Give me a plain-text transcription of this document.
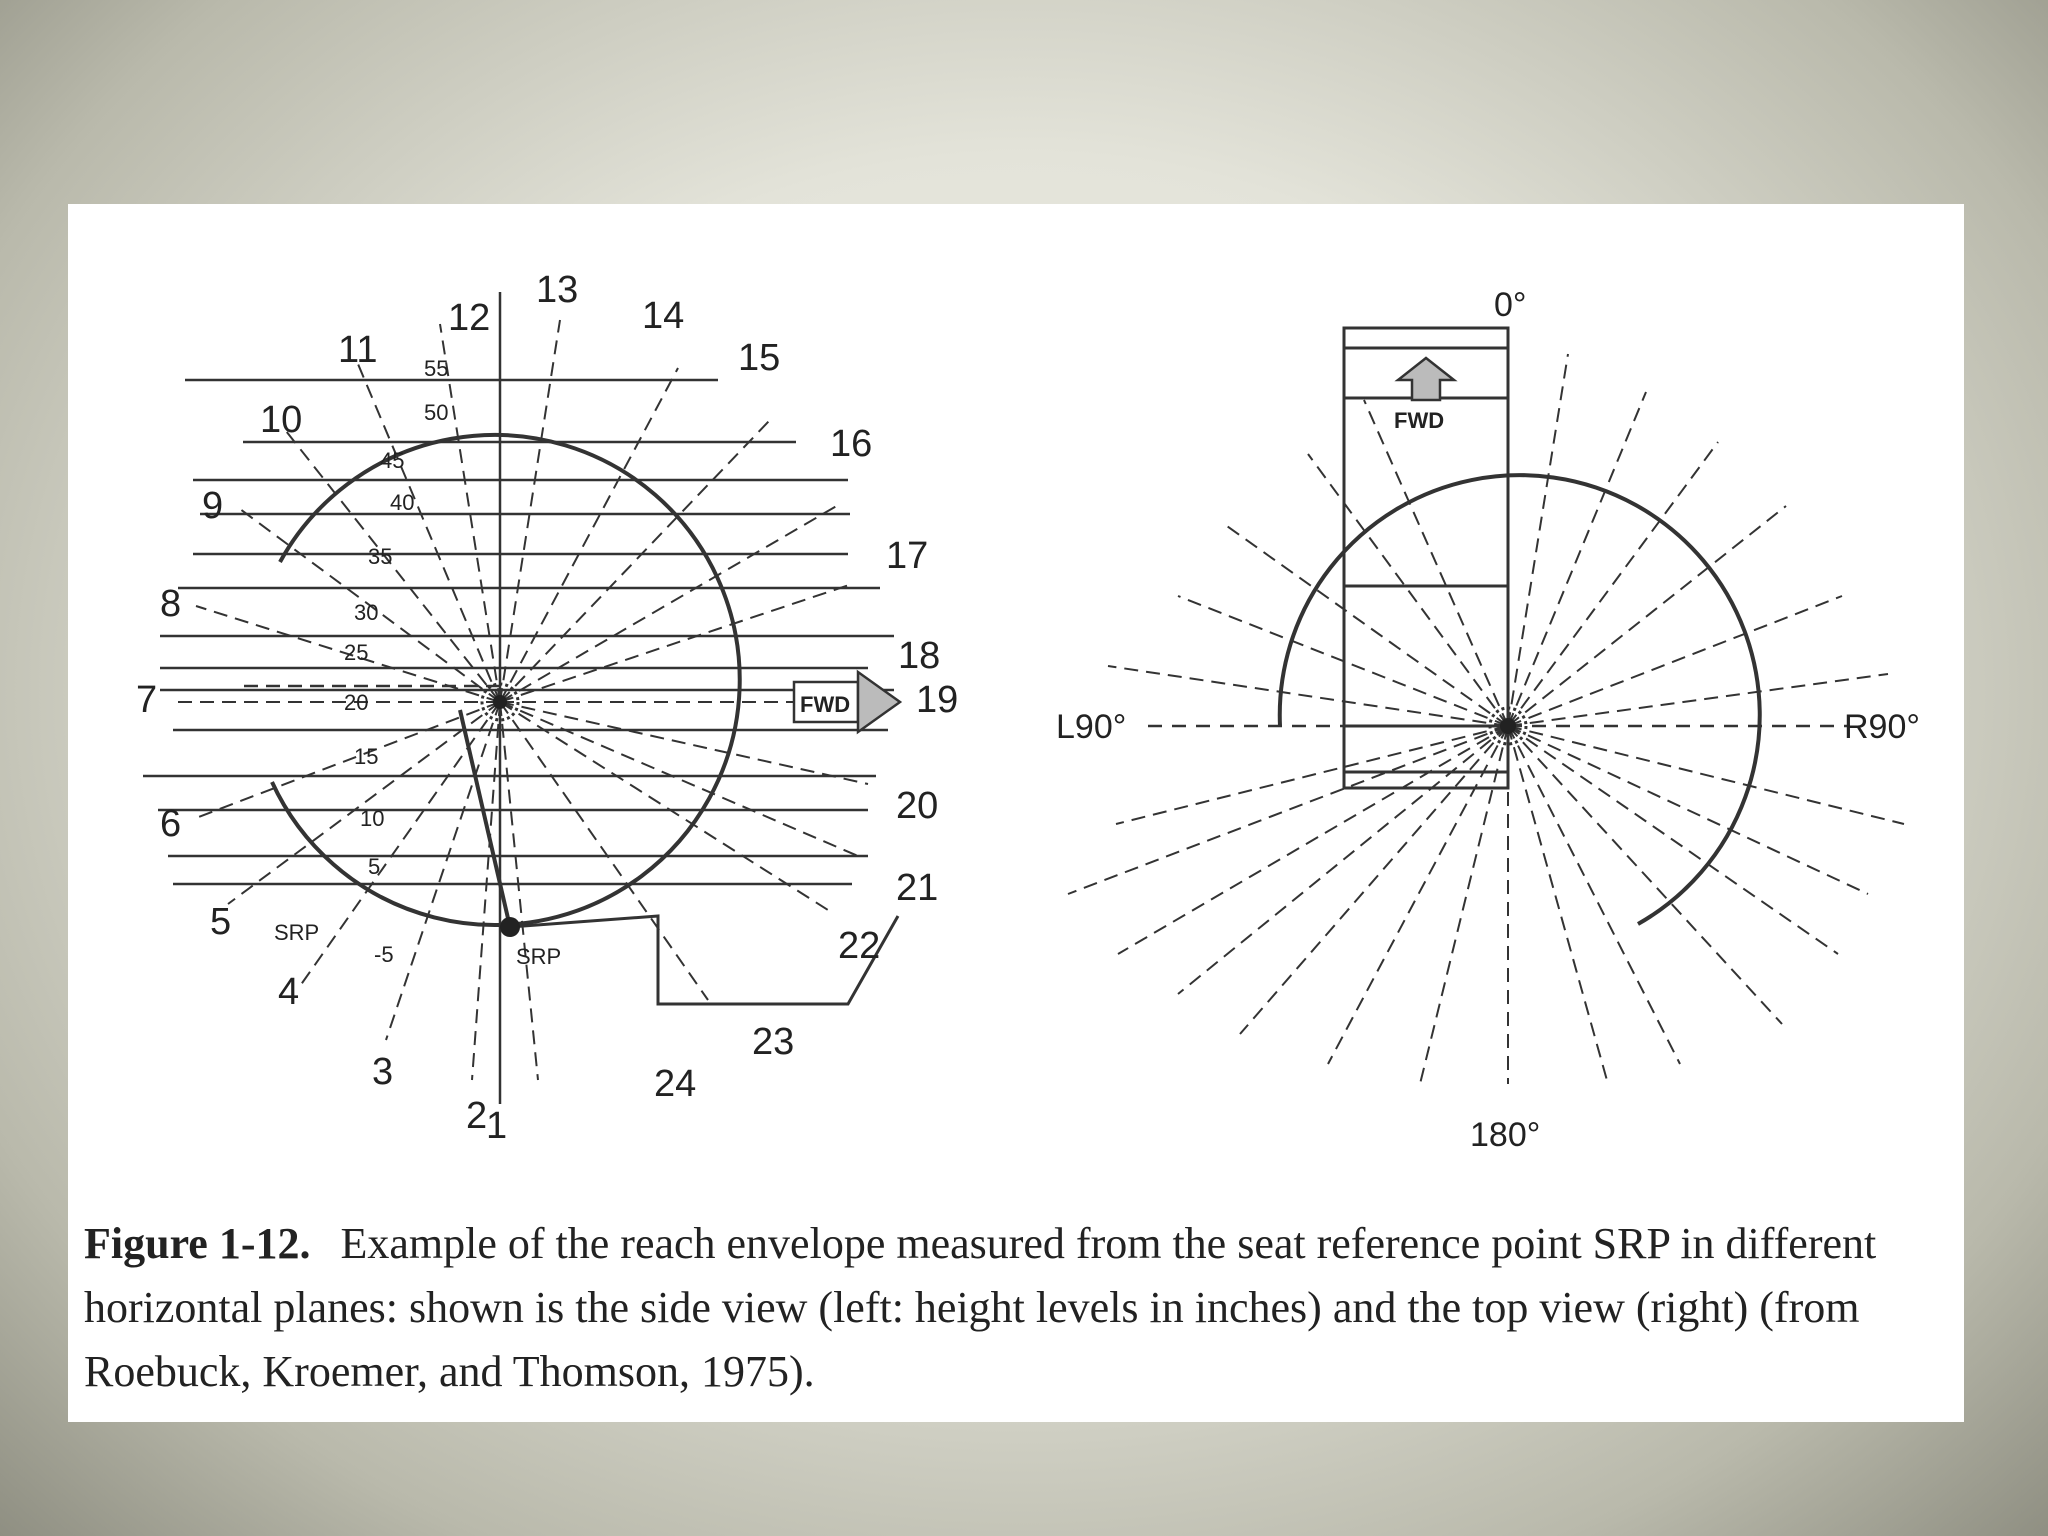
FWD
1
2
3
4
5
6
7
8
9
10
11
12
13
14
15
16
17
18
19
20
21
22
23
24
55
50
45
40
35
30
25
20
15
10
5
-5
SRP
SRP
FWD
0°
180°
L90°	R90°
Figure 1-12. Example of the reach envelope measured from the seat reference point SRP in different horizontal planes: shown is the side view (left: height levels in inches) and the top view (right) (from Roebuck, Kroemer, and Thomson, 1975).
